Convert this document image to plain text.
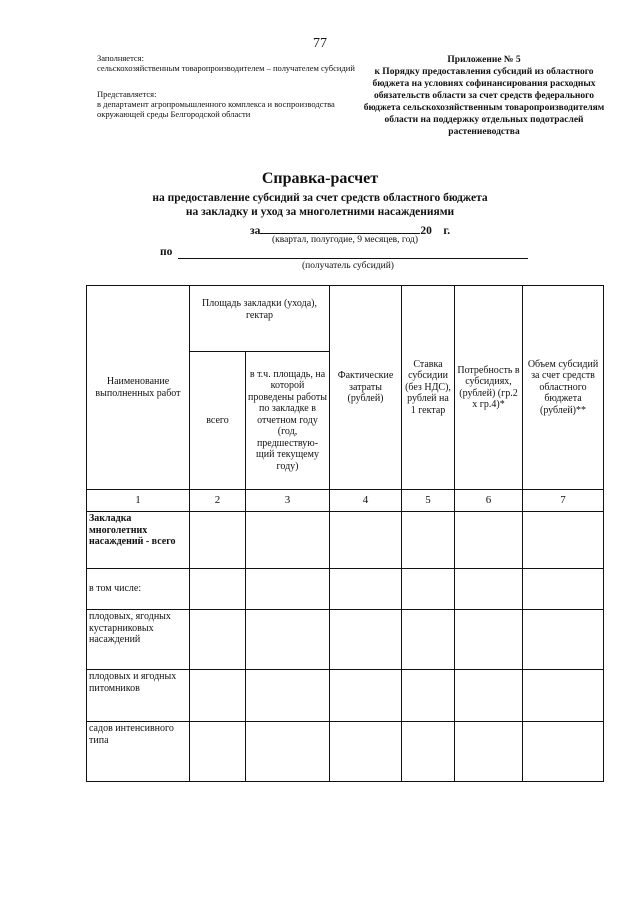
77
Заполняется:
сельскохозяйственным товаропроизводителем – получателем субсидий
Представляется:
в департамент агропромышленного комплекса и воспроизводства окружающей среды Белгородской области
Приложение № 5
к Порядку предоставления субсидий из областного бюджета на условиях софинансирования расходных обязательств области за счет средств федерального бюджета сельскохозяйственным товаропроизводителям области на поддержку отдельных подотраслей растениеводства
Справка-расчет
на предоставление субсидий за счет средств областного бюджета
на закладку и уход за многолетними насаждениями
за	20 г.
(квартал, полугодие, 9 месяцев, год)
по
(получатель субсидий)
Наименование выполненных работ	Площадь закладки (ухода), гектар		Фактические затраты (рублей)	Ставка субсидии (без НДС), рублей на 1 гектар	Потребность в субсидиях, (рублей) (гр.2 х гр.4)*	Объем субсидий за счет средств областного бюджета (рублей)**
	всего	в т.ч. площадь, на которой проведены работы по закладке в отчетном году (год, предшествую-щий текущему году)				
1	2	3	4	5	6	7
Закладка многолетних насаждений - всего						
в том числе:						
плодовых, ягодных кустарниковых насаждений						
плодовых и ягодных питомников						
садов интенсивного типа						
